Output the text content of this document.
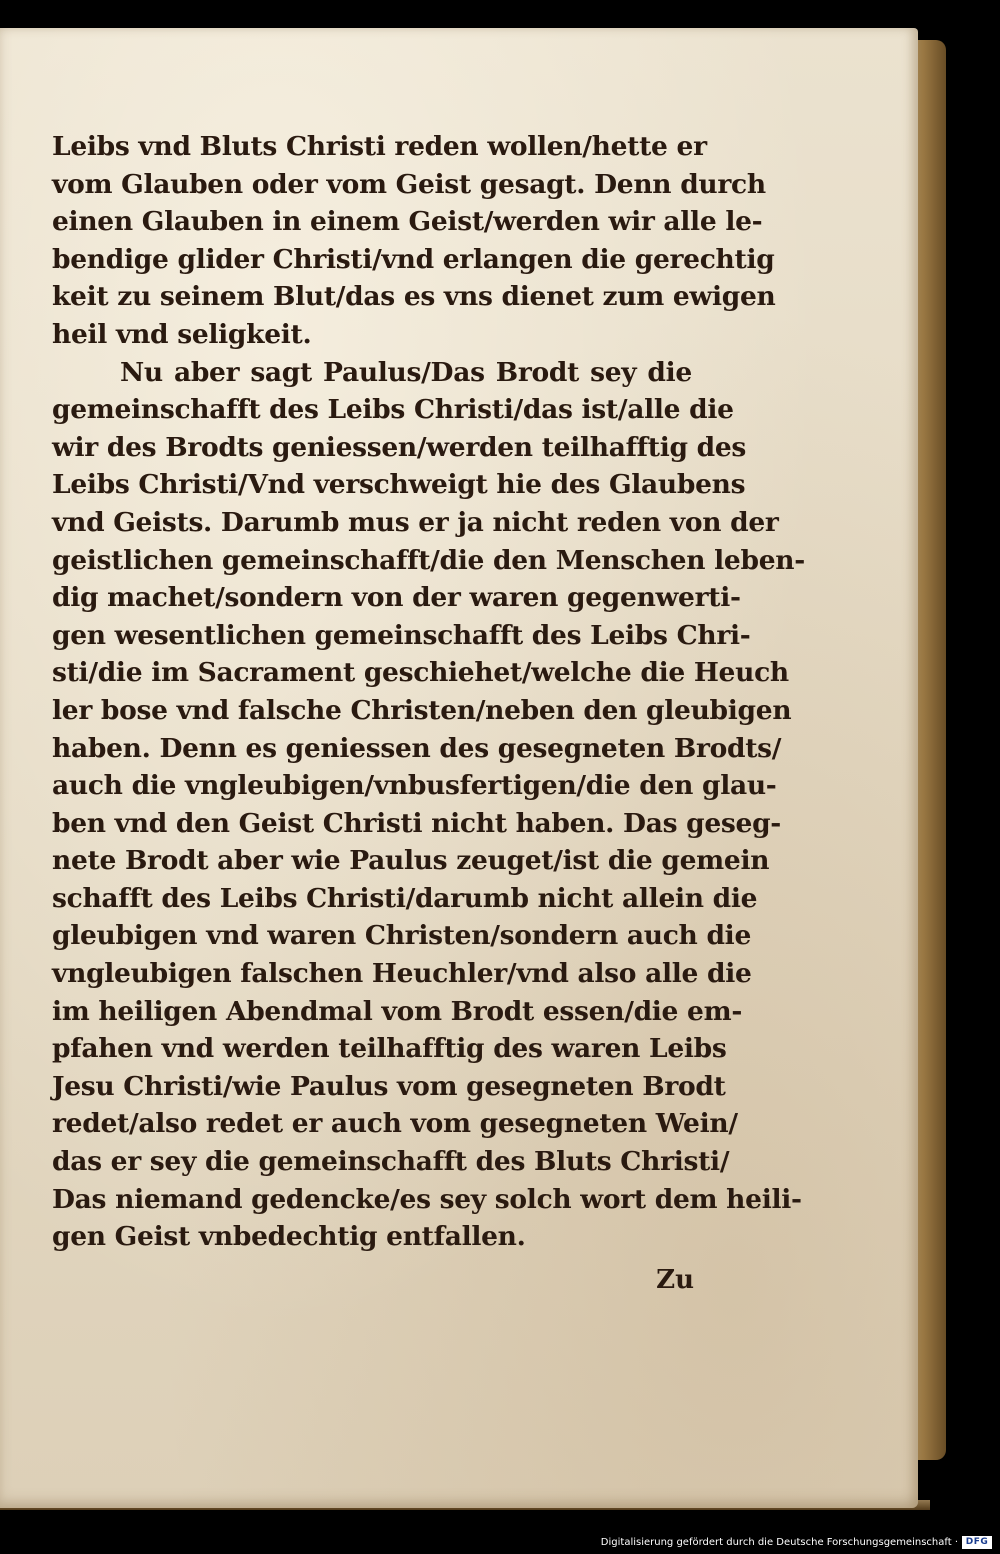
Leibs vnd Bluts Christi reden wollen/hette er
vom Glauben oder vom Geist gesagt. Denn durch
einen Glauben in einem Geist/werden wir alle le-
bendige glider Christi/vnd erlangen die gerechtig
keit zu seinem Blut/das es vns dienet zum ewigen
heil vnd seligkeit.
Nu aber sagt Paulus/Das Brodt sey die
gemeinschafft des Leibs Christi/das ist/alle die
wir des Brodts geniessen/werden teilhafftig des
Leibs Christi/Vnd verschweigt hie des Glaubens
vnd Geists. Darumb mus er ja nicht reden von der
geistlichen gemeinschafft/die den Menschen leben-
dig machet/sondern von der waren gegenwerti-
gen wesentlichen gemeinschafft des Leibs Chri-
sti/die im Sacrament geschiehet/welche die Heuch
ler bose vnd falsche Christen/neben den gleubigen
haben. Denn es geniessen des gesegneten Brodts/
auch die vngleubigen/vnbusfertigen/die den glau-
ben vnd den Geist Christi nicht haben. Das geseg-
nete Brodt aber wie Paulus zeuget/ist die gemein
schafft des Leibs Christi/darumb nicht allein die
gleubigen vnd waren Christen/sondern auch die
vngleubigen falschen Heuchler/vnd also alle die
im heiligen Abendmal vom Brodt essen/die em-
pfahen vnd werden teilhafftig des waren Leibs
Jesu Christi/wie Paulus vom gesegneten Brodt
redet/also redet er auch vom gesegneten Wein/
das er sey die gemeinschafft des Bluts Christi/
Das niemand gedencke/es sey solch wort dem heili-
gen Geist vnbedechtig entfallen.
Zu
Digitalisierung gefördert durch die Deutsche Forschungsgemeinschaft · DFG
